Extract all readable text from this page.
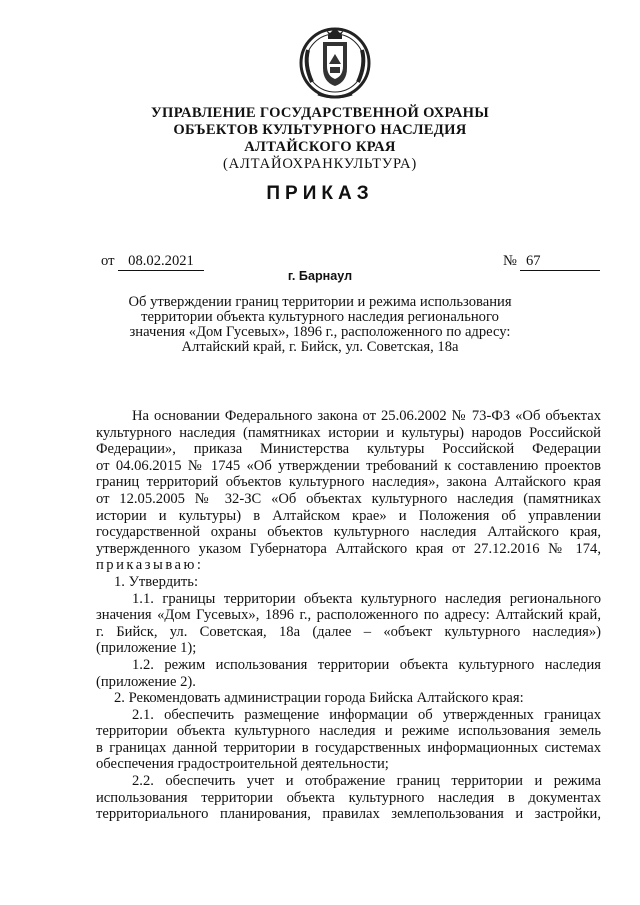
УПРАВЛЕНИЕ ГОСУДАРСТВЕННОЙ ОХРАНЫ
ОБЪЕКТОВ КУЛЬТУРНОГО НАСЛЕДИЯ
АЛТАЙСКОГО КРАЯ
(АЛТАЙОХРАНКУЛЬТУРА)
ПРИКАЗ
от 08.02.2021	№ 67
г. Барнаул
Об утверждении границ территории и режима использования
территории объекта культурного наследия регионального
значения «Дом Гусевых», 1896 г., расположенного по адресу:
Алтайский край, г. Бийск, ул. Советская, 18а
На основании Федерального закона от 25.06.2002 № 73-ФЗ «Об объектах
культурного наследия (памятниках истории и культуры) народов Российской
Федерации», приказа Министерства культуры Российской Федерации
от 04.06.2015 № 1745 «Об утверждении требований к составлению проектов
границ территорий объектов культурного наследия», закона Алтайского края
от 12.05.2005 № 32-ЗС «Об объектах культурного наследия (памятниках
истории и культуры) в Алтайском крае» и Положения об управлении
государственной охраны объектов культурного наследия Алтайского края,
утвержденного указом Губернатора Алтайского края от 27.12.2016 № 174,
приказываю:
1. Утвердить:
1.1. границы территории объекта культурного наследия регионального
значения «Дом Гусевых», 1896 г., расположенного по адресу: Алтайский край,
г. Бийск, ул. Советская, 18а (далее – «объект культурного наследия»)
(приложение 1);
1.2. режим использования территории объекта культурного наследия
(приложение 2).
2. Рекомендовать администрации города Бийска Алтайского края:
2.1. обеспечить размещение информации об утвержденных границах
территории объекта культурного наследия и режиме использования земель
в границах данной территории в государственных информационных системах
обеспечения градостроительной деятельности;
2.2. обеспечить учет и отображение границ территории и режима
использования территории объекта культурного наследия в документах
территориального планирования, правилах землепользования и застройки,
